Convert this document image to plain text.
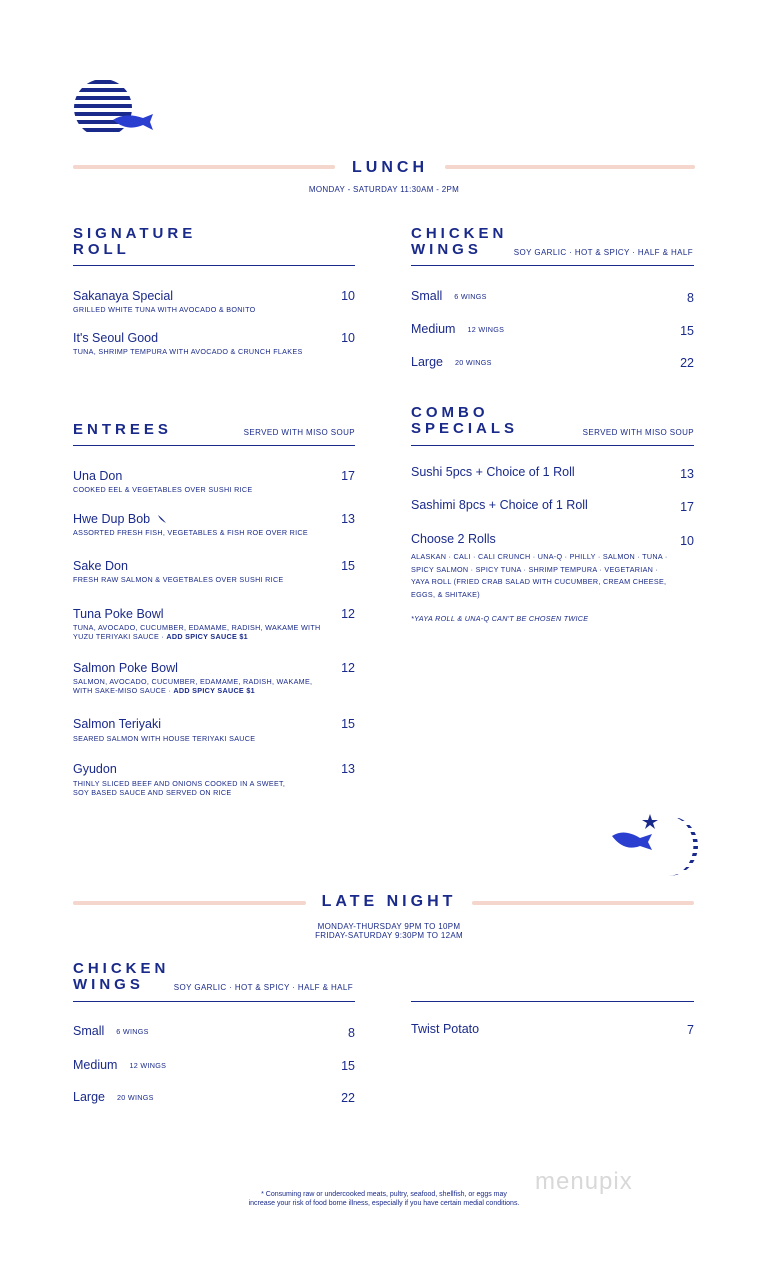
LUNCH
MONDAY - SATURDAY 11:30AM - 2PM
SIGNATURE
ROLL
Sakanaya Special	10
GRILLED WHITE TUNA WITH AVOCADO & BONITO
It's Seoul Good	10
TUNA, SHRIMP TEMPURA WITH AVOCADO & CRUNCH FLAKES
ENTREES	SERVED WITH MISO SOUP
Una Don	17
COOKED EEL & VEGETABLES OVER SUSHI RICE
Hwe Dup Bob	13
ASSORTED FRESH FISH, VEGETABLES & FISH ROE OVER RICE
Sake Don	15
FRESH RAW SALMON & VEGETBALES OVER SUSHI RICE
Tuna Poke Bowl	12
TUNA, AVOCADO, CUCUMBER, EDAMAME, RADISH, WAKAME WITH
YUZU TERIYAKI SAUCE · ADD SPICY SAUCE $1
Salmon Poke Bowl	12
SALMON, AVOCADO, CUCUMBER, EDAMAME, RADISH, WAKAME,
WITH SAKE-MISO SAUCE · ADD SPICY SAUCE $1
Salmon Teriyaki	15
SEARED SALMON WITH HOUSE TERIYAKI SAUCE
Gyudon	13
THINLY SLICED BEEF AND ONIONS COOKED IN A SWEET,
SOY BASED SAUCE AND SERVED ON RICE
CHICKEN
WINGS	SOY GARLIC · HOT & SPICY · HALF & HALF
Small 6 WINGS	8
Medium 12 WINGS	15
Large 20 WINGS	22
COMBO
SPECIALS	SERVED WITH MISO SOUP
Sushi 5pcs + Choice of 1 Roll	13
Sashimi 8pcs + Choice of 1 Roll	17
Choose 2 Rolls	10
ALASKAN · CALI · CALI CRUNCH · UNA-Q · PHILLY · SALMON · TUNA ·
SPICY SALMON · SPICY TUNA · SHRIMP TEMPURA · VEGETARIAN ·
YAYA ROLL (FRIED CRAB SALAD WITH CUCUMBER, CREAM CHEESE,
EGGS, & SHITAKE)
*YAYA ROLL & UNA-Q CAN'T BE CHOSEN TWICE
LATE NIGHT
MONDAY-THURSDAY 9PM TO 10PM
FRIDAY-SATURDAY 9:30PM TO 12AM
CHICKEN
WINGS	SOY GARLIC · HOT & SPICY · HALF & HALF
Small 6 WINGS	8
Medium 12 WINGS	15
Large 20 WINGS	22
Twist Potato	7
menupix
* Consuming raw or undercooked meats, pultry, seafood, shellfish, or eggs may
increase your risk of food borne illness, especially if you have certain medial conditions.
